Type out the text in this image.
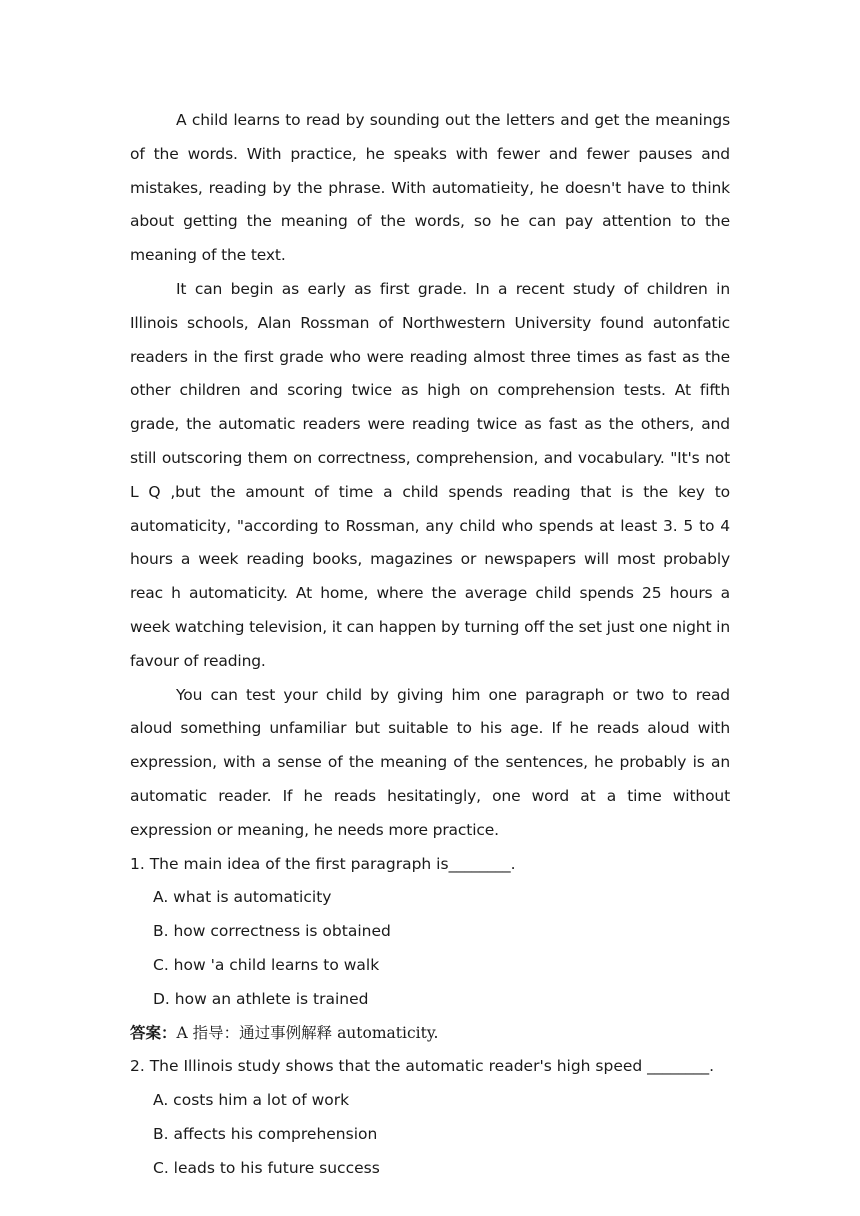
A child learns to read by sounding out the letters and get the meanings of the words. With practice, he speaks with fewer and fewer pauses and mistakes, reading by the phrase. With automatieity, he doesn't have to think about getting the meaning of the words, so he can pay attention to the meaning of the text.

It can begin as early as first grade. In a recent study of children in Illinois schools, Alan Rossman of Northwestern University found autonfatic readers in the first grade who were reading almost three times as fast as the other children and scoring twice as high on comprehension tests. At fifth grade, the automatic readers were reading twice as fast as the others, and still outscoring them on correctness, comprehension, and vocabulary. "It's not L Q ,but the amount of time a child spends reading that is the key to automaticity, "according to Rossman, any child who spends at least 3. 5 to 4 hours a week reading books, magazines or newspapers will most probably reac h automaticity. At home, where the average child spends 25 hours a week watching television, it can happen by turning off the set just one night in favour of reading.

You can test your child by giving him one paragraph or two to read aloud something unfamiliar but suitable to his age. If he reads aloud with expression, with a sense of the meaning of the sentences, he probably is an automatic reader. If he reads hesitatingly, one word at a time without expression or meaning, he needs more practice.

1. The main idea of the first paragraph is________.

A. what is automaticity

B. how correctness is obtained

C. how 'a child learns to walk

D. how an athlete is trained

答案：A 指导：通过事例解释 automaticity.

2. The Illinois study shows that the automatic reader's high speed ________.

A. costs him a lot of work

B. affects his comprehension

C. leads to his future success
